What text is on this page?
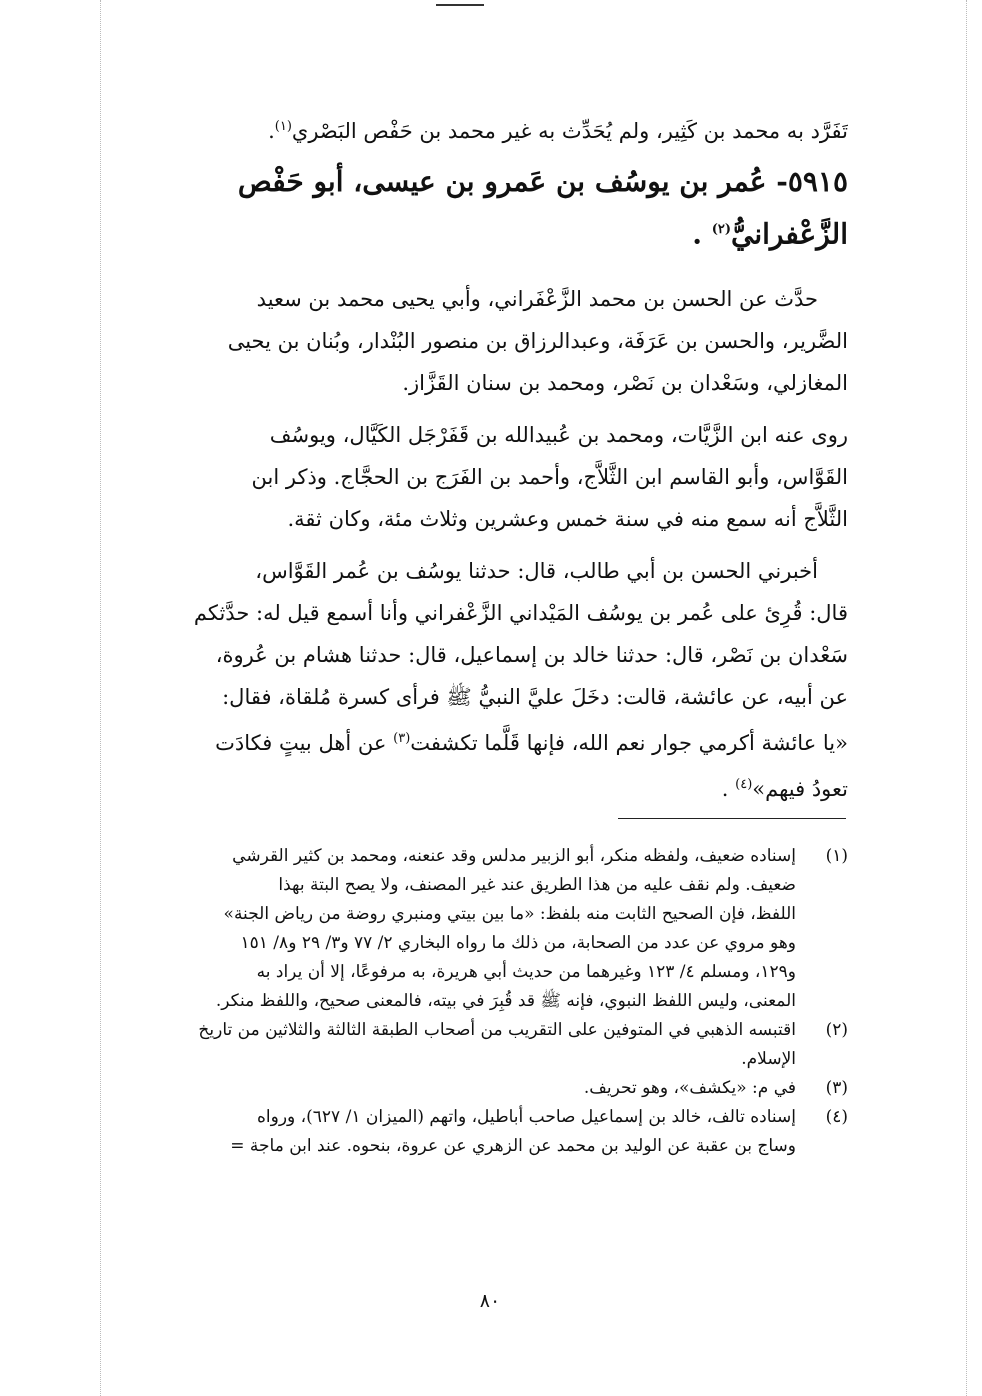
تَفَرَّد به محمد بن كَثِير، ولم يُحَدِّث به غير محمد بن حَفْص البَصْري$^{(١)}$.

٥٩١٥- عُمر بن يوسُف بن عَمرو بن عيسى، أبو حَفْص
الزَّعْفرانيُّ$^{(٢)}$ .

حدَّث عن الحسن بن محمد الزَّعْفَراني، وأبي يحيى محمد بن سعيد

الضَّرير، والحسن بن عَرَفَة، وعبدالرزاق بن منصور البُنْدار، وبُنان بن يحيى

المغازلي، وسَعْدان بن نَصْر، ومحمد بن سنان القَزَّاز.

روى عنه ابن الزَّيَّات، ومحمد بن عُبيدالله بن قَفَرْجَل الكَيَّال، ويوسُف

القَوَّاس، وأبو القاسم ابن الثَّلاَّج، وأحمد بن الفَرَج بن الحجَّاج. وذكر ابن

الثَّلاَّج أنه سمع منه في سنة خمس وعشرين وثلاث مئة، وكان ثقة.

أخبرني الحسن بن أبي طالب، قال: حدثنا يوسُف بن عُمر القَوَّاس،

قال: قُرِئ على عُمر بن يوسُف المَيْداني الزَّعْفراني وأنا أسمع قيل له: حدَّثكم

سَعْدان بن نَصْر، قال: حدثنا خالد بن إسماعيل، قال: حدثنا هشام بن عُروة،

عن أبيه، عن عائشة، قالت: دخَلَ عليَّ النبيُّ ﷺ فرأى كسرة مُلقاة، فقال:

«يا عائشة أكرمي جوار نعم الله، فإنها قَلَّما تكشفت$^{(٣)}$ عن أهل بيتٍ فكادَت

تعودُ فيهم»$^{(٤)}$ .

(١)
إسناده ضعيف، ولفظه منكر، أبو الزبير مدلس وقد عنعنه، ومحمد بن كثير القرشي
ضعيف. ولم نقف عليه من هذا الطريق عند غير المصنف، ولا يصح البتة بهذا
اللفظ، فإن الصحيح الثابت منه بلفظ: «ما بين بيتي ومنبري روضة من رياض الجنة»
وهو مروي عن عدد من الصحابة، من ذلك ما رواه البخاري ٢/ ٧٧ و٣/ ٢٩ و٨/ ١٥١
و١٢٩، ومسلم ٤/ ١٢٣ وغيرهما من حديث أبي هريرة، به مرفوعًا، إلا أن يراد به
المعنى، وليس اللفظ النبوي، فإنه ﷺ قد قُبِرَ في بيته، فالمعنى صحيح، واللفظ منكر.
(٢)
اقتبسه الذهبي في المتوفين على التقريب من أصحاب الطبقة الثالثة والثلاثين من تاريخ
الإسلام.
(٣)
في م: «يكشف»، وهو تحريف.
(٤)
إسناده تالف، خالد بن إسماعيل صاحب أباطيل، واتهم (الميزان ١/ ٦٢٧)، ورواه
وساج بن عقبة عن الوليد بن محمد عن الزهري عن عروة، بنحوه. عند ابن ماجة =
٨٠
